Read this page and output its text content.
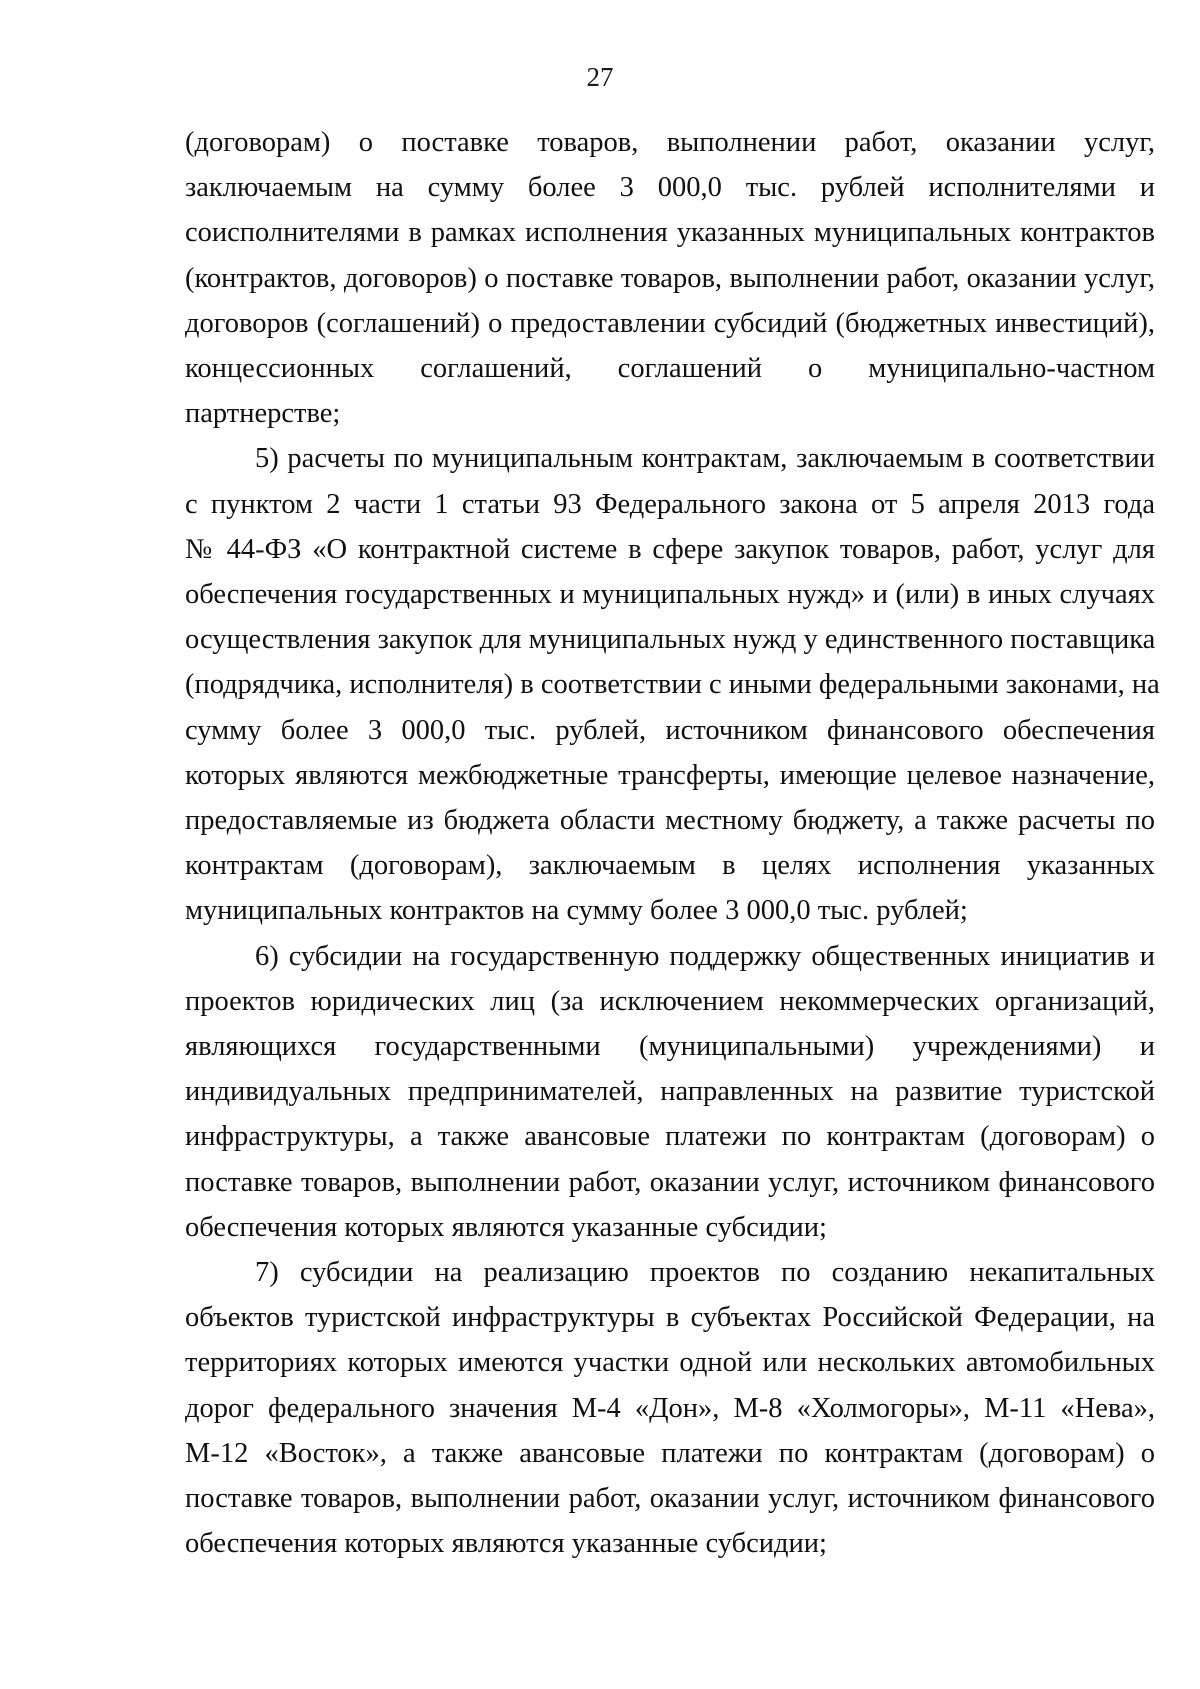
27

(договорам) о поставке товаров, выполнении работ, оказании услуг,
заключаемым на сумму более 3 000,0 тыс. рублей исполнителями и
соисполнителями в рамках исполнения указанных муниципальных контрактов
(контрактов, договоров) о поставке товаров, выполнении работ, оказании услуг,
договоров (соглашений) о предоставлении субсидий (бюджетных инвестиций),
концессионных соглашений, соглашений о муниципально-частном
партнерстве;

5) расчеты по муниципальным контрактам, заключаемым в соответствии
с пунктом 2 части 1 статьи 93 Федерального закона от 5 апреля 2013 года
№ 44-ФЗ «О контрактной системе в сфере закупок товаров, работ, услуг для
обеспечения государственных и муниципальных нужд» и (или) в иных случаях
осуществления закупок для муниципальных нужд у единственного поставщика
(подрядчика, исполнителя) в соответствии с иными федеральными законами, на
сумму более 3 000,0 тыс. рублей, источником финансового обеспечения
которых являются межбюджетные трансферты, имеющие целевое назначение,
предоставляемые из бюджета области местному бюджету, а также расчеты по
контрактам (договорам), заключаемым в целях исполнения указанных
муниципальных контрактов на сумму более 3 000,0 тыс. рублей;

6) субсидии на государственную поддержку общественных инициатив и
проектов юридических лиц (за исключением некоммерческих организаций,
являющихся государственными (муниципальными) учреждениями) и
индивидуальных предпринимателей, направленных на развитие туристской
инфраструктуры, а также авансовые платежи по контрактам (договорам) о
поставке товаров, выполнении работ, оказании услуг, источником финансового
обеспечения которых являются указанные субсидии;

7) субсидии на реализацию проектов по созданию некапитальных
объектов туристской инфраструктуры в субъектах Российской Федерации, на
территориях которых имеются участки одной или нескольких автомобильных
дорог федерального значения М-4 «Дон», М-8 «Холмогоры», М-11 «Нева»,
М-12 «Восток», а также авансовые платежи по контрактам (договорам) о
поставке товаров, выполнении работ, оказании услуг, источником финансового
обеспечения которых являются указанные субсидии;
